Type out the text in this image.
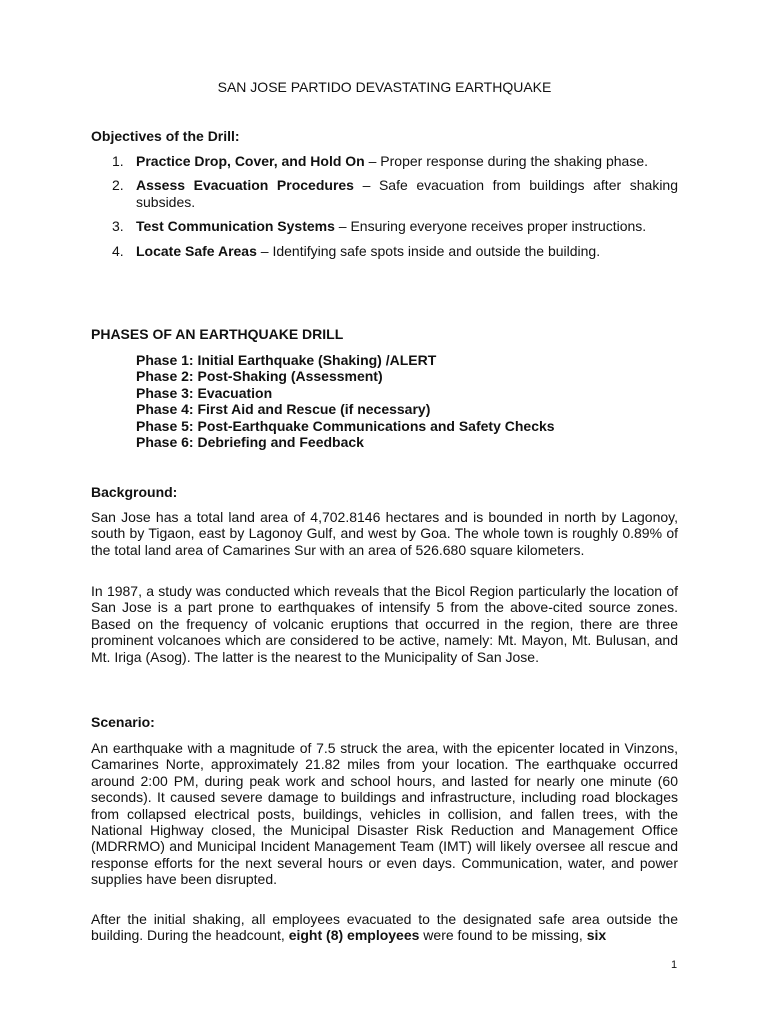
SAN JOSE PARTIDO DEVASTATING EARTHQUAKE
Objectives of the Drill:
1. Practice Drop, Cover, and Hold On – Proper response during the shaking phase.
2. Assess Evacuation Procedures – Safe evacuation from buildings after shaking subsides.
3. Test Communication Systems – Ensuring everyone receives proper instructions.
4. Locate Safe Areas – Identifying safe spots inside and outside the building.
PHASES OF AN EARTHQUAKE DRILL
Phase 1: Initial Earthquake (Shaking) /ALERT
Phase 2: Post-Shaking (Assessment)
Phase 3: Evacuation
Phase 4: First Aid and Rescue (if necessary)
Phase 5: Post-Earthquake Communications and Safety Checks
Phase 6: Debriefing and Feedback
Background:
San Jose has a total land area of 4,702.8146 hectares and is bounded in north by Lagonoy, south by Tigaon, east by Lagonoy Gulf, and west by Goa. The whole town is roughly 0.89% of the total land area of Camarines Sur with an area of 526.680 square kilometers.
In 1987, a study was conducted which reveals that the Bicol Region particularly the location of San Jose is a part prone to earthquakes of intensify 5 from the above-cited source zones. Based on the frequency of volcanic eruptions that occurred in the region, there are three prominent volcanoes which are considered to be active, namely: Mt. Mayon, Mt. Bulusan, and Mt. Iriga (Asog). The latter is the nearest to the Municipality of San Jose.
Scenario:
An earthquake with a magnitude of 7.5 struck the area, with the epicenter located in Vinzons, Camarines Norte, approximately 21.82 miles from your location. The earthquake occurred around 2:00 PM, during peak work and school hours, and lasted for nearly one minute (60 seconds). It caused severe damage to buildings and infrastructure, including road blockages from collapsed electrical posts, buildings, vehicles in collision, and fallen trees, with the National Highway closed, the Municipal Disaster Risk Reduction and Management Office (MDRRMO) and Municipal Incident Management Team (IMT) will likely oversee all rescue and response efforts for the next several hours or even days. Communication, water, and power supplies have been disrupted.
After the initial shaking, all employees evacuated to the designated safe area outside the building. During the headcount, eight (8) employees were found to be missing, six
1
